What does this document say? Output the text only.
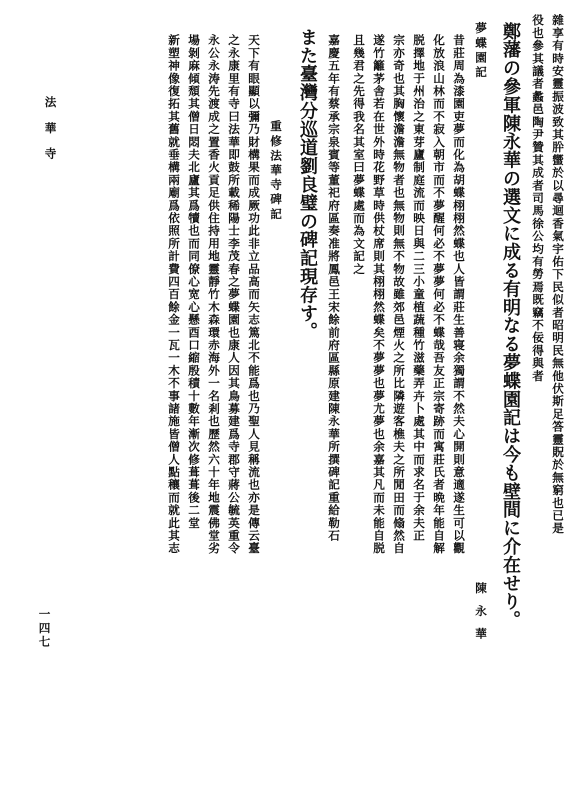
雜享有時安靈振波致其肸蠁於以尋迴香氣宇佑下民似者昭明民無他伏斯足答靈貺於無窮也已是
役也參其議者蠡邑陶尹贊其成者司馬徐公均有勞焉既竊不佞得與者
鄭藩の參軍陳永華の選文に成る有明なる夢蝶園記は今も壁間に介在せり。
夢蝶園記
陳永華
昔莊周為漆園吏夢而化為胡蝶栩栩然蝶也人皆謂莊生善寝余獨謂不然夫心開則意適遂生可以觀
化放浪山林而不寂入朝市而不夢醒何必不夢夢何必不蝶哉吾友正宗寄跡而寓莊氏者晩年能自解
脱擇地于州治之東芽廬制庭流而映日與二三小童植蔬種竹滋藥弄卉卜處其中而求名于余夫正
宗亦奇也其胸懷澹澹無物者也無物則無不物故雖郊邑煙火之所比隣遊客樵夫之所閒田而翛然自
遂竹籬茅舎若在世外時花野草時供杖席則其栩栩然蝶矣不夢夢也夢尤夢也余嘉其凡而未能自脱
且幾君之先得我名其室曰夢蝶處而為文記之
嘉慶五年有蔡承宗泉賓等董祀府區奏准將鳳邑王宋餘前府區縣原建陳永華所撰碑記重給勒石
また臺灣分巡道劉良璧の碑記現存す。
重修法華寺碑記
天下有眼顯以彌乃財構果而成厥功此非立品高而矢志篤北不能爲也乃聖人見稱流也亦是傳云臺
之永康里有寺曰法華即鼓所載稀陽士李茂春之夢蝶園也康人因其鳥募建爲寺郡守蔣公毓英重令
永公永涛先渡成之置香火貢足供住持用地靈靜竹木森環赤海外一名剎也歷然六十年地震佛堂劣
場剝麻傾頹其僧日悶夫北廬其爲犢也而同僚心宽心懸酉口縮殷積十數年漸次修葺葺後二堂
新塑神像復拓其舊就垂構兩廟爲依照所計費四百餘金一瓦一木不事諸施皆僧人點穰而就此其志
法華寺
一四七
